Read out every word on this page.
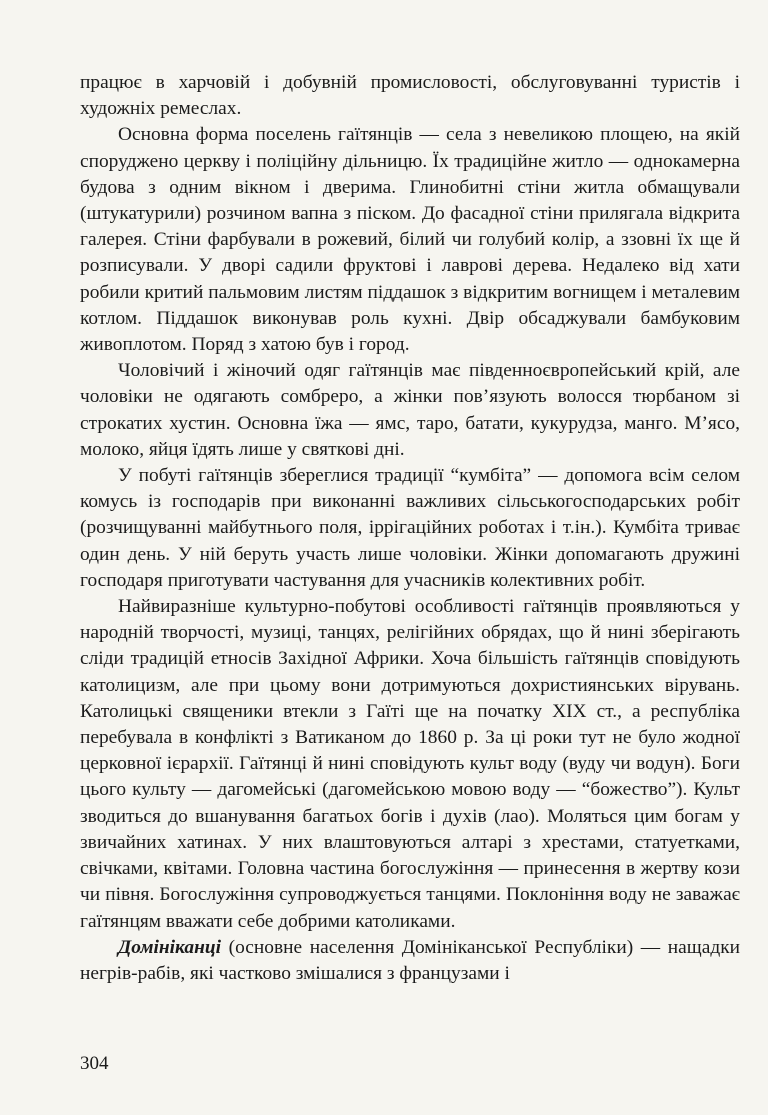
працює в харчовій і добувній промисловості, обслуговуванні туристів і художніх ремеслах.

Основна форма поселень гаїтянців — села з невеликою площею, на якій споруджено церкву і поліційну дільницю. Їх традиційне житло — однокамерна будова з одним вікном і дверима. Глинобитні стіни житла обмащували (штукатурили) розчином вапна з піском. До фасадної стіни прилягала відкрита галерея. Стіни фарбували в рожевий, білий чи голубий колір, а ззовні їх ще й розписували. У дворі садили фруктові і лаврові дерева. Недалеко від хати робили критий пальмовим листям піддашок з відкритим вогнищем і металевим котлом. Піддашок виконував роль кухні. Двір обсаджували бамбуковим живоплотом. Поряд з хатою був і город.

Чоловічий і жіночий одяг гаїтянців має південноєвропейський крій, але чоловіки не одягають сомбреро, а жінки пов’язують волосся тюрбаном зі строкатих хустин. Основна їжа — ямс, таро, батати, кукурудза, манго. М’ясо, молоко, яйця їдять лише у святкові дні.

У побуті гаїтянців збереглися традиції “кумбіта” — допомога всім селом комусь із господарів при виконанні важливих сільськогосподарських робіт (розчищуванні майбутнього поля, іррігаційних роботах і т.ін.). Кумбіта триває один день. У ній беруть участь лише чоловіки. Жінки допомагають дружині господаря приготувати частування для учасників колективних робіт.

Найвиразніше культурно-побутові особливості гаїтянців проявляються у народній творчості, музиці, танцях, релігійних обрядах, що й нині зберігають сліди традицій етносів Західної Африки. Хоча більшість гаїтянців сповідують католицизм, але при цьому вони дотримуються дохристиянських вірувань. Католицькі священики втекли з Гаїті ще на початку XIX ст., а республіка перебувала в конфлікті з Ватиканом до 1860 р. За ці роки тут не було жодної церковної ієрархії. Гаїтянці й нині сповідують культ воду (вуду чи водун). Боги цього культу — дагомейські (дагомейською мовою воду — “божество”). Культ зводиться до вшанування багатьох богів і духів (лао). Моляться цим богам у звичайних хатинах. У них влаштовуються алтарі з хрестами, статуетками, свічками, квітами. Головна частина богослужіння — принесення в жертву кози чи півня. Богослужіння супроводжується танцями. Поклоніння воду не заважає гаїтянцям вважати себе добрими католиками.

Домініканці (основне населення Домініканської Республіки) — нащадки негрів-рабів, які частково змішалися з французами і

304
